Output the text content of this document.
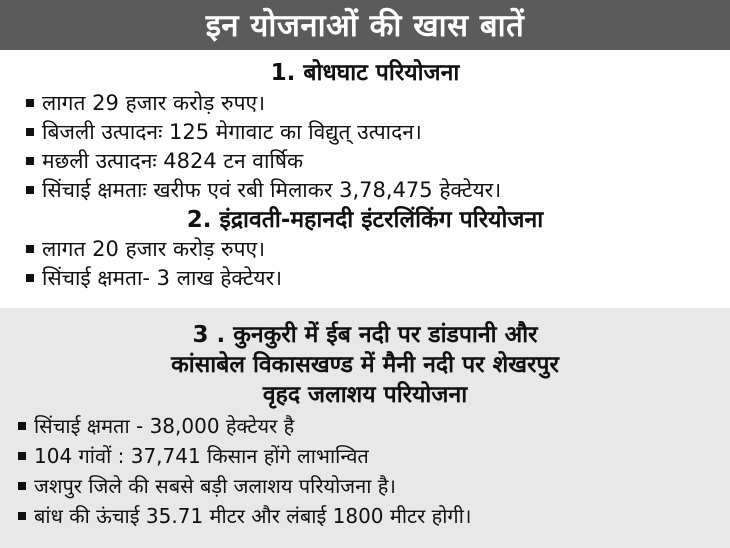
इन योजनाओं की खास बातें
1. बोधघाट परियोजना
लागत 29 हजार करोड़ रुपए।
बिजली उत्पादनः 125 मेगावाट का विद्युत् उत्पादन।
मछली उत्पादनः 4824 टन वार्षिक
सिंचाई क्षमताः खरीफ एवं रबी मिलाकर 3,78,475 हेक्टेयर।
2. इंद्रावती-महानदी इंटरलिंकिंग परियोजना
लागत 20 हजार करोड़ रुपए।
सिंचाई क्षमता- 3 लाख हेक्टेयर।
3 . कुनकुरी में ईब नदी पर डांडपानी और
कांसाबेल विकासखण्ड में मैनी नदी पर शेखरपुर
वृहद जलाशय परियोजना
सिंचाई क्षमता - 38,000 हेक्टेयर है
104 गांवों : 37,741 किसान होंगे लाभान्वित
जशपुर जिले की सबसे बड़ी जलाशय परियोजना है।
बांध की ऊंचाई 35.71 मीटर और लंबाई 1800 मीटर होगी।
